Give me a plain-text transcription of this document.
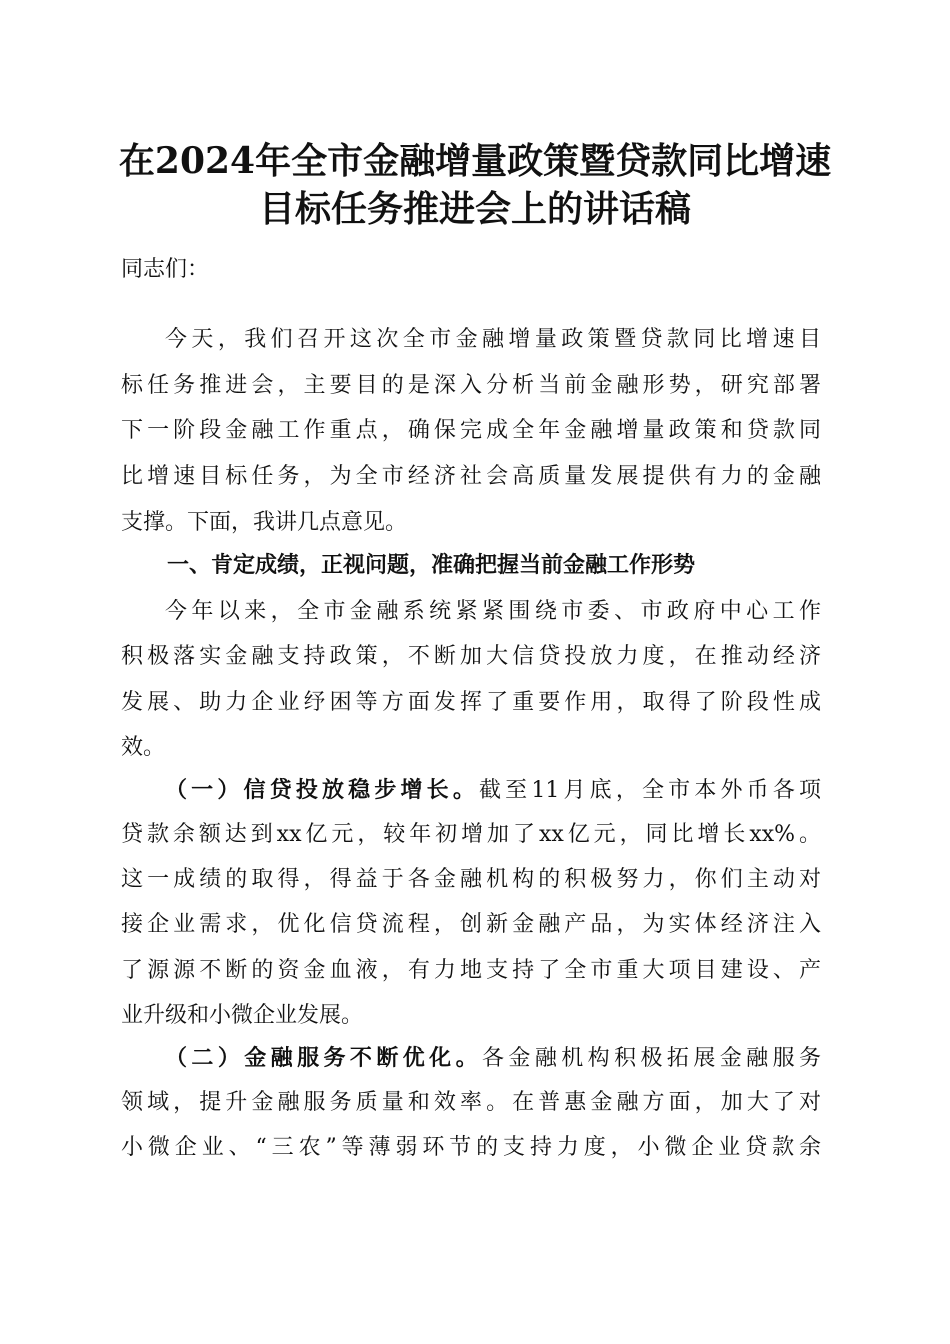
在2024年全市金融增量政策暨贷款同比增速
目标任务推进会上的讲话稿

同志们：

今天，我们召开这次全市金融增量政策暨贷款同比增速目

标任务推进会，主要目的是深入分析当前金融形势，研究部署

下一阶段金融工作重点，确保完成全年金融增量政策和贷款同

比增速目标任务，为全市经济社会高质量发展提供有力的金融

支撑。下面，我讲几点意见。

一、肯定成绩，正视问题，准确把握当前金融工作形势

今年以来，全市金融系统紧紧围绕市委、市政府中心工作

积极落实金融支持政策，不断加大信贷投放力度，在推动经济

发展、助力企业纾困等方面发挥了重要作用，取得了阶段性成

效。

（一）信贷投放稳步增长。截至11月底，全市本外币各项

贷款余额达到xx亿元，较年初增加了xx亿元，同比增长xx%。

这一成绩的取得，得益于各金融机构的积极努力，你们主动对

接企业需求，优化信贷流程，创新金融产品，为实体经济注入

了源源不断的资金血液，有力地支持了全市重大项目建设、产

业升级和小微企业发展。

（二）金融服务不断优化。各金融机构积极拓展金融服务

领域，提升金融服务质量和效率。在普惠金融方面，加大了对

小微企业、“三农”等薄弱环节的支持力度，小微企业贷款余
